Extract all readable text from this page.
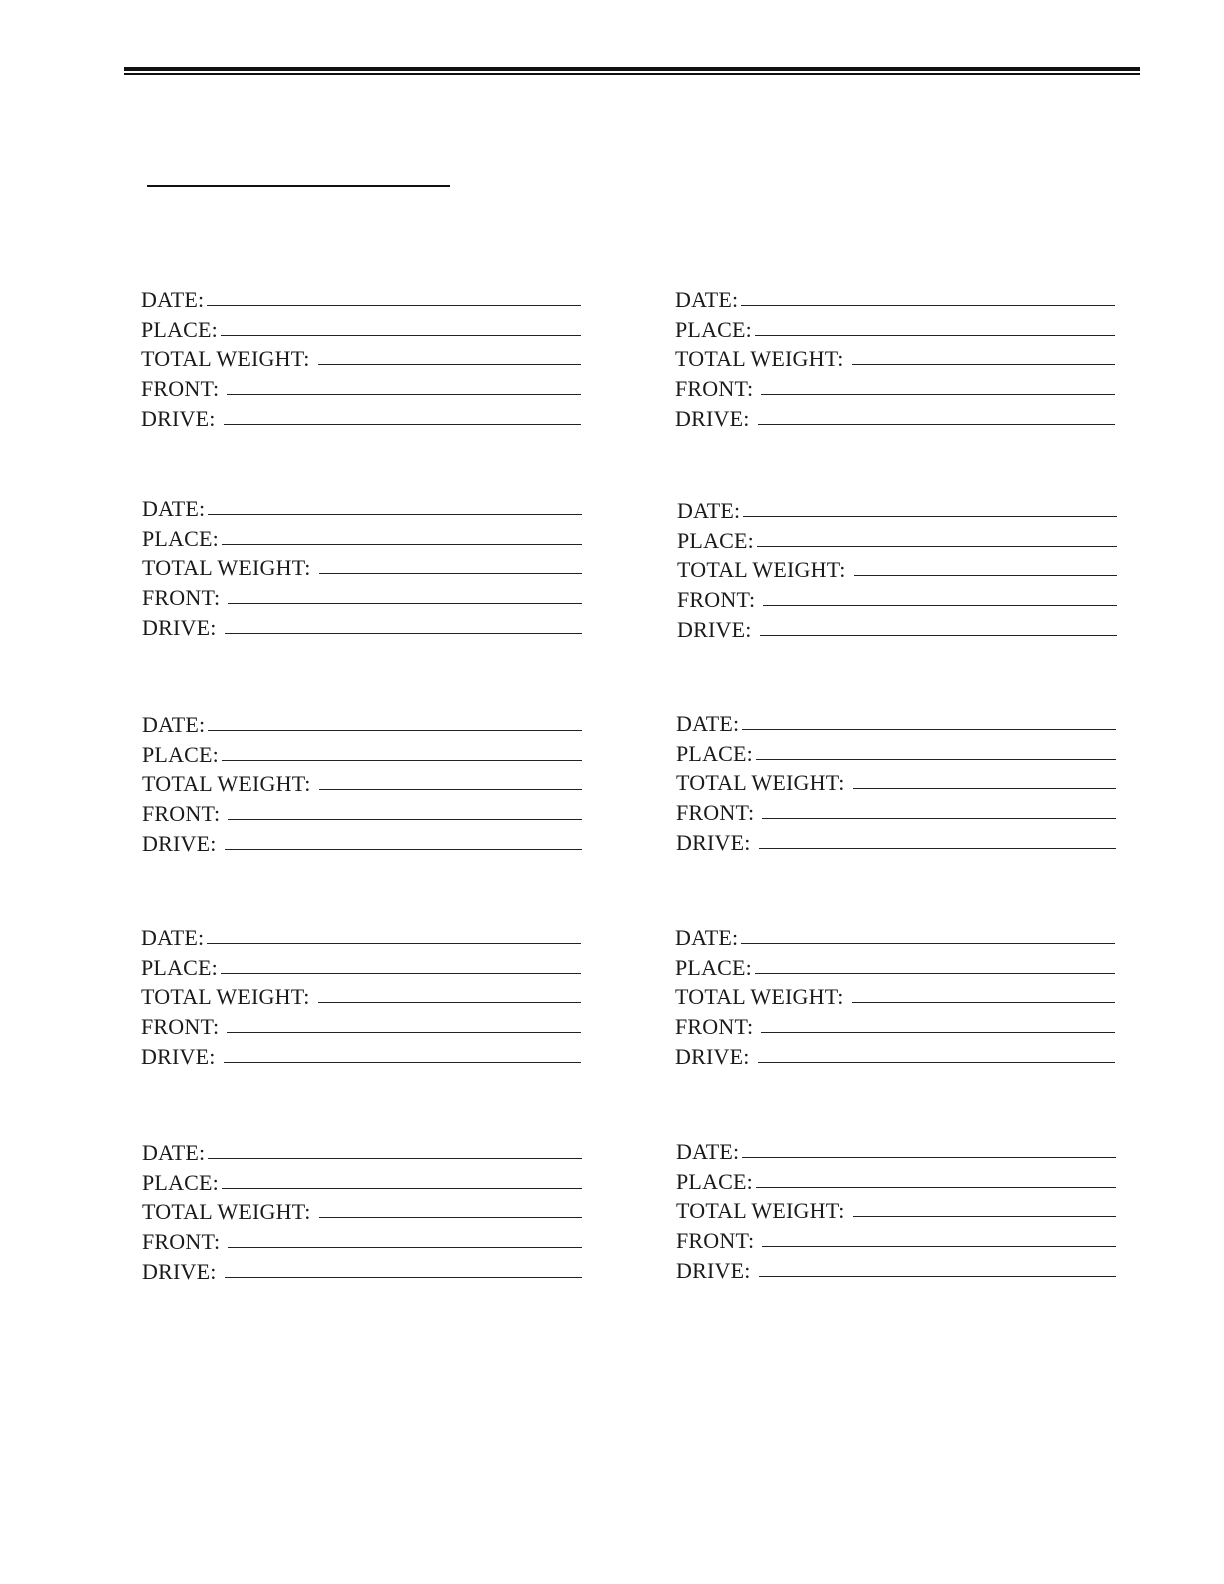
DATE:
PLACE:
TOTAL WEIGHT:
FRONT:
DRIVE:
DATE:
PLACE:
TOTAL WEIGHT:
FRONT:
DRIVE:
DATE:
PLACE:
TOTAL WEIGHT:
FRONT:
DRIVE:
DATE:
PLACE:
TOTAL WEIGHT:
FRONT:
DRIVE:
DATE:
PLACE:
TOTAL WEIGHT:
FRONT:
DRIVE:
DATE:
PLACE:
TOTAL WEIGHT:
FRONT:
DRIVE:
DATE:
PLACE:
TOTAL WEIGHT:
FRONT:
DRIVE:
DATE:
PLACE:
TOTAL WEIGHT:
FRONT:
DRIVE:
DATE:
PLACE:
TOTAL WEIGHT:
FRONT:
DRIVE:
DATE:
PLACE:
TOTAL WEIGHT:
FRONT:
DRIVE:
